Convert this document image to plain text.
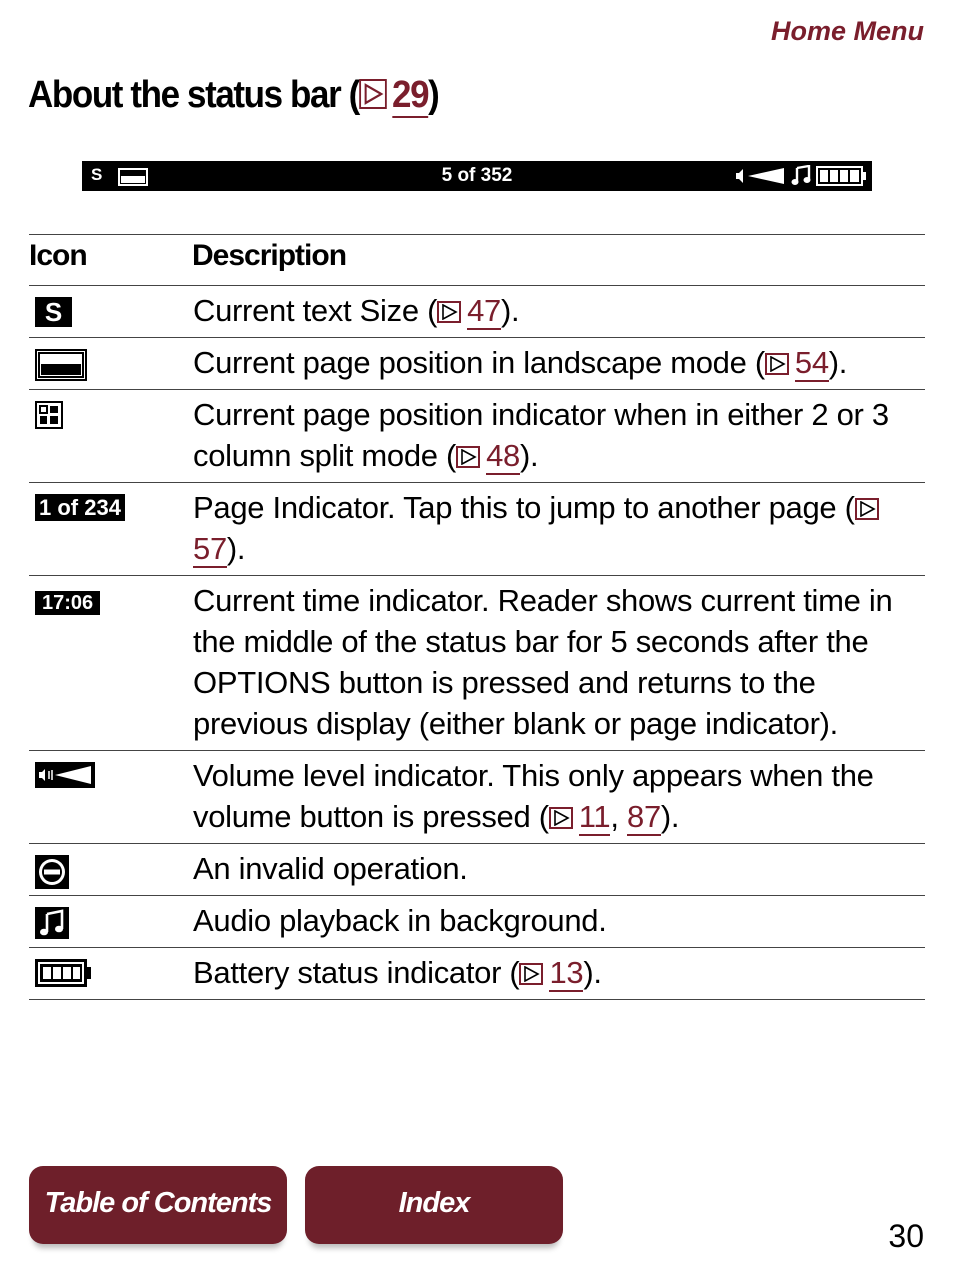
Home Menu
About the status bar ( 29)
S	5 of 352
Icon	Description
S	Current text Size ( 47).
	Current page position in landscape mode ( 54).
	Current page position indicator when in either 2 or 3 column split mode ( 48).
1 of 234	Page Indicator. Tap this to jump to another page (
57).
17:06	Current time indicator. Reader shows current time in the middle of the status bar for 5 seconds after the OPTIONS button is pressed and returns to the previous display (either blank or page indicator).
	Volume level indicator. This only appears when the volume button is pressed ( 11, 87).
	An invalid operation.
	Audio playback in background.
	Battery status indicator ( 13).
Table of Contents	Index
30
